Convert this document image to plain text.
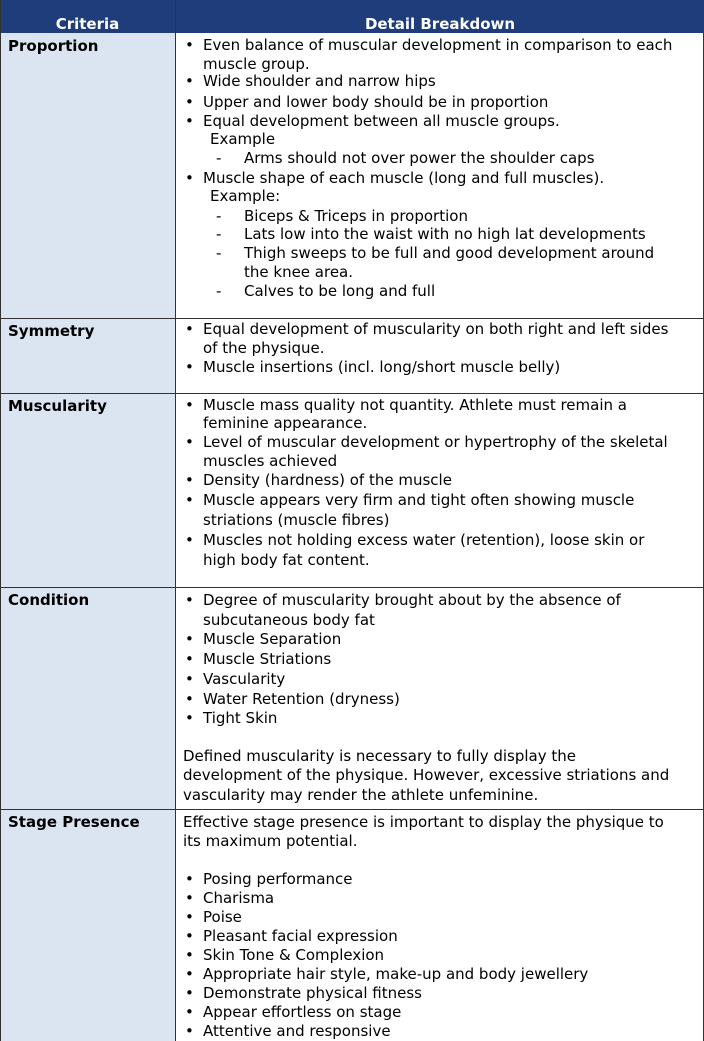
Criteria	Detail Breakdown
Proportion	• Even balance of muscular development in comparison to each
muscle group.
• Wide shoulder and narrow hips
• Upper and lower body should be in proportion
• Equal development between all muscle groups.
Example
- Arms should not over power the shoulder caps
• Muscle shape of each muscle (long and full muscles).
Example:
- Biceps & Triceps in proportion
- Lats low into the waist with no high lat developments
- Thigh sweeps to be full and good development around
the knee area.
- Calves to be long and full
Symmetry	• Equal development of muscularity on both right and left sides
of the physique.
• Muscle insertions (incl. long/short muscle belly)
Muscularity	• Muscle mass quality not quantity. Athlete must remain a
feminine appearance.
• Level of muscular development or hypertrophy of the skeletal
muscles achieved
• Density (hardness) of the muscle
• Muscle appears very firm and tight often showing muscle
striations (muscle fibres)
• Muscles not holding excess water (retention), loose skin or
high body fat content.
Condition	• Degree of muscularity brought about by the absence of
subcutaneous body fat
• Muscle Separation
• Muscle Striations
• Vascularity
• Water Retention (dryness)
• Tight Skin
Defined muscularity is necessary to fully display the
development of the physique. However, excessive striations and
vascularity may render the athlete unfeminine.
Stage Presence	Effective stage presence is important to display the physique to
its maximum potential.
• Posing performance
• Charisma
• Poise
• Pleasant facial expression
• Skin Tone & Complexion
• Appropriate hair style, make-up and body jewellery
• Demonstrate physical fitness
• Appear effortless on stage
• Attentive and responsive
